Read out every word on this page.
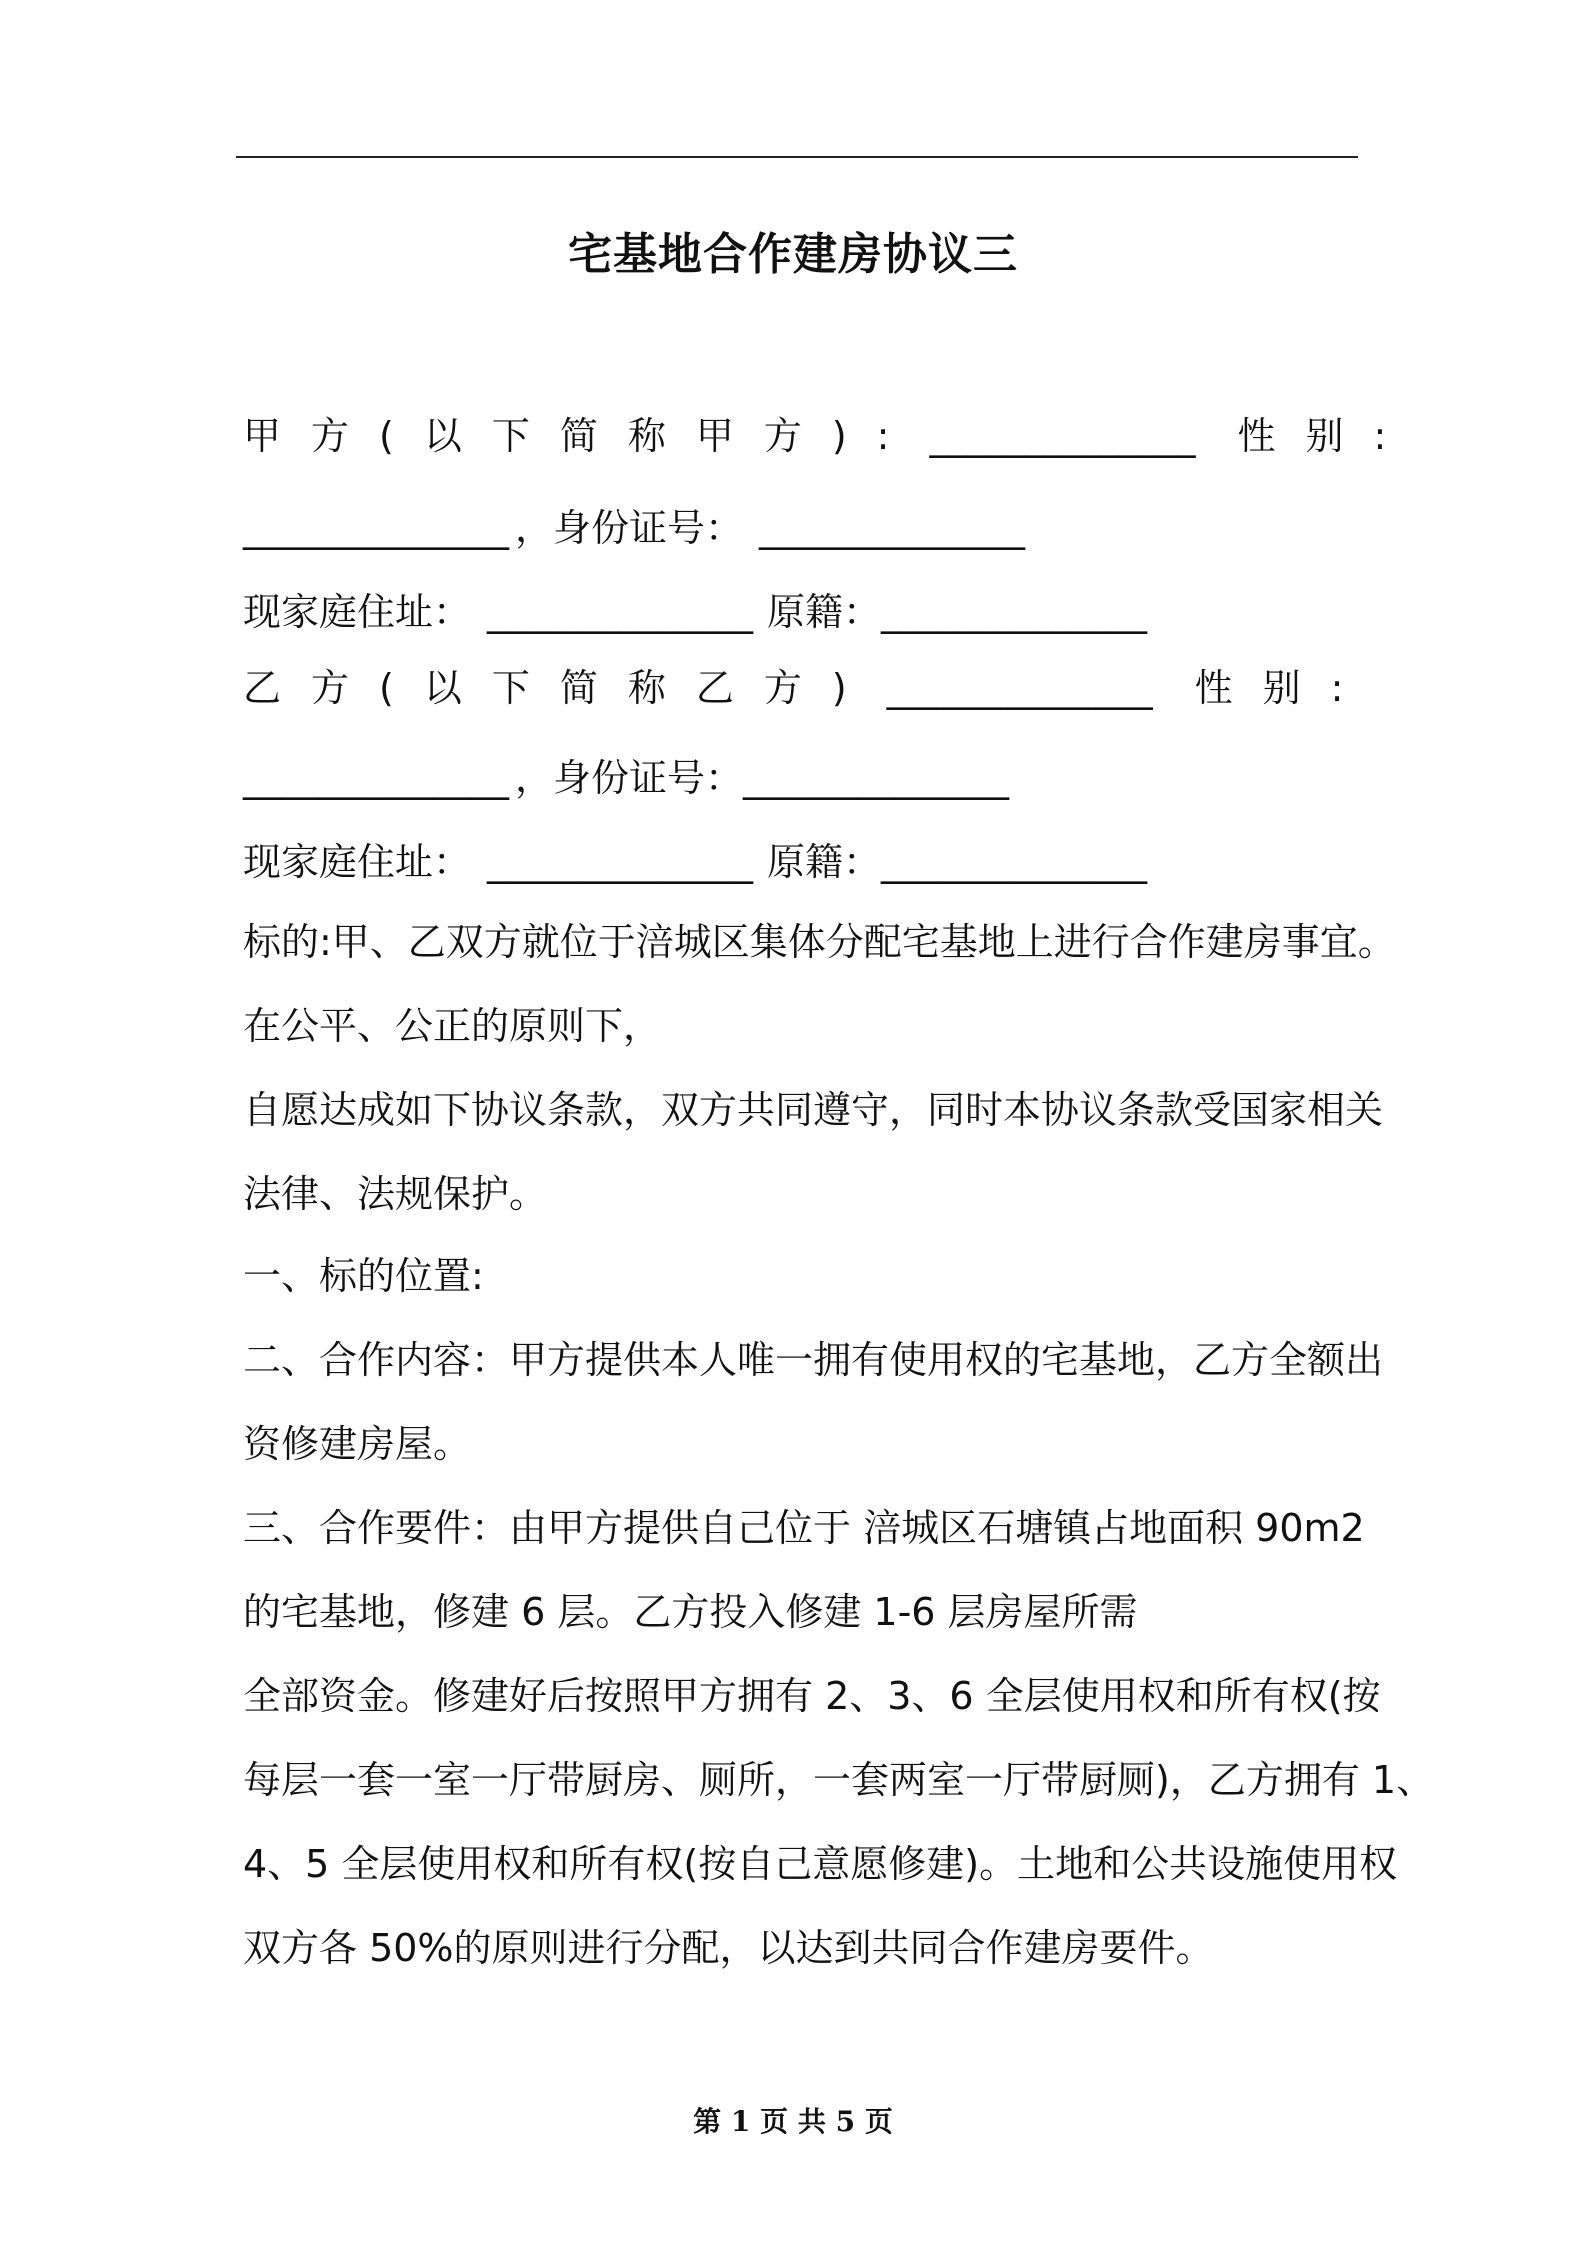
宅基地合作建房协议三
甲方(以下简称甲方): ______________ 性别:
______________ ，身份证号： ______________
现家庭住址： ______________ 原籍：______________
乙方(以下简称乙方) ______________ 性别:
______________ ，身份证号：______________
现家庭住址： ______________ 原籍：______________
标的:甲、乙双方就位于涪城区集体分配宅基地上进行合作建房事宜。
在公平、公正的原则下，
自愿达成如下协议条款，双方共同遵守，同时本协议条款受国家相关
法律、法规保护。
一、标的位置:
二、合作内容：甲方提供本人唯一拥有使用权的宅基地，乙方全额出
资修建房屋。
三、合作要件：由甲方提供自己位于 涪城区石塘镇占地面积 90m2
的宅基地，修建 6 层。乙方投入修建 1-6 层房屋所需
全部资金。修建好后按照甲方拥有 2、3、6 全层使用权和所有权(按
每层一套一室一厅带厨房、厕所，一套两室一厅带厨厕)，乙方拥有 1、
4、5 全层使用权和所有权(按自己意愿修建)。土地和公共设施使用权
双方各 50%的原则进行分配，以达到共同合作建房要件。
第 1 页 共 5 页
